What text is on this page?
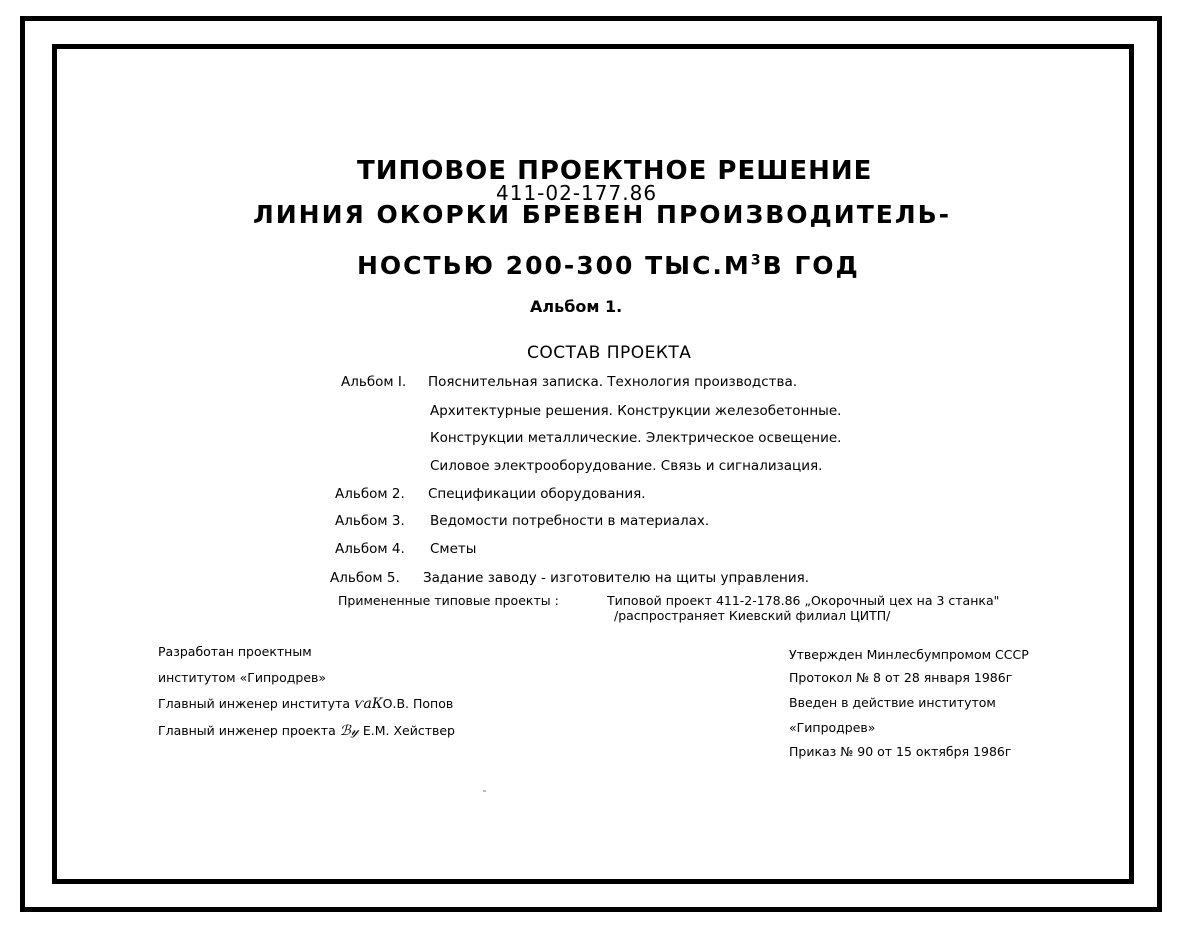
ТИПОВОЕ ПРОЕКТНОЕ РЕШЕНИЕ
411-02-177.86
ЛИНИЯ ОКОРКИ БРЕВЕН ПРОИЗВОДИТЕЛЬ-
НОСТЬЮ 200-300 $ТЫС.М^3В$ ГОД
Альбом 1.
СОСТАВ ПРОЕКТА
Альбом I. Пояснительная записка. Технология производства.
Архитектурные решения. Конструкции железобетонные.
Конструкции металлические. Электрическое освещение.
Силовое электрооборудование. Связь и сигнализация.
Альбом 2. Спецификации оборудования.
Альбом 3. Ведомости потребности в материалах.
Альбом 4. Сметы
Альбом 5. Задание заводу - изготовителю на щиты управления.
Примененные типовые проекты :	Типовой проект 411-2-178.86 „Окорочный цех на 3 станка"
/распространяет Киевский филиал ЦИТП/
Разработан проектным
институтом «Гипродрев»
Главный инженер института ѵаКО.В. Попов
Главный инженер проекта ℬ𝓎 Е.М. Хействер
Утвержден Минлесбумпромом СССР
Протокол № 8 от 28 января 1986г
Введен в действие институтом
«Гипродрев»
Приказ № 90 от 15 октября 1986г
